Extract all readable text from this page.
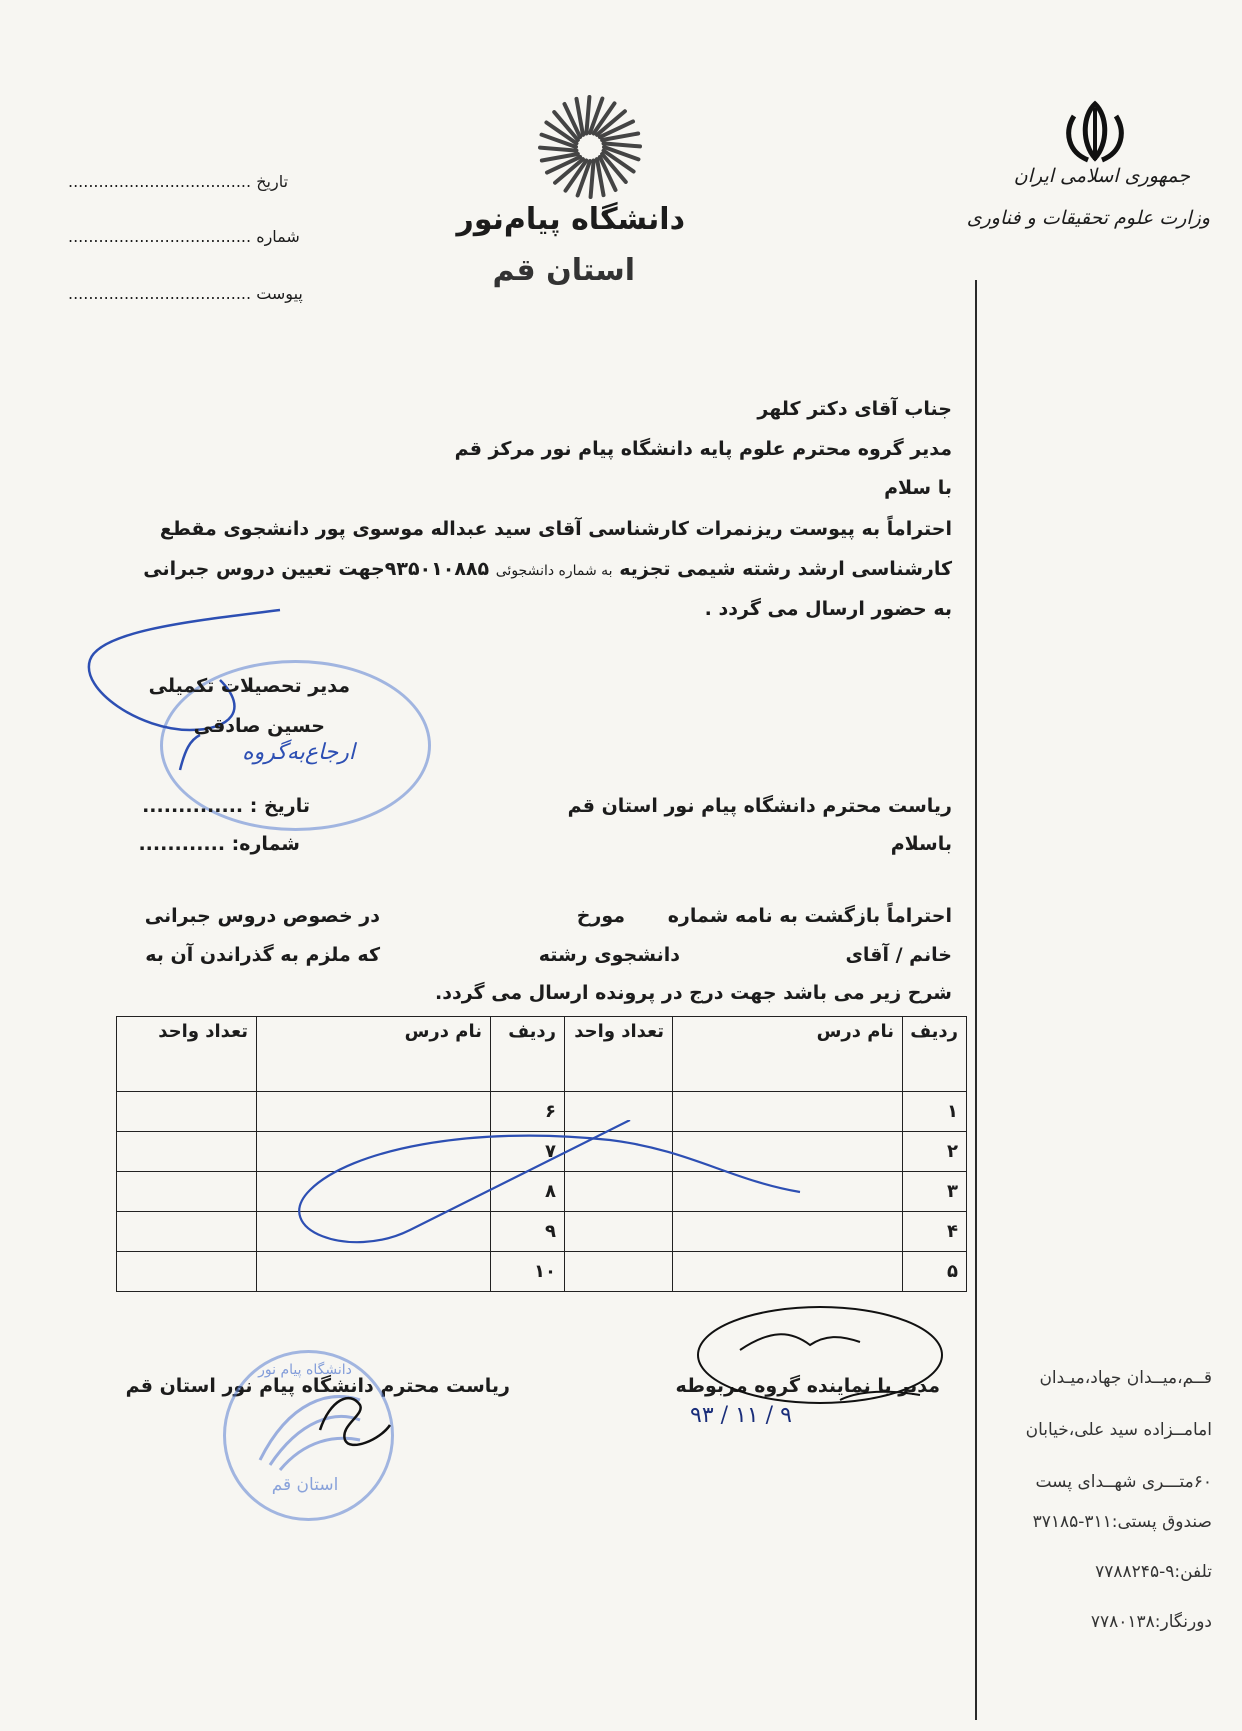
جمهوری اسلامی ایران
وزارت علوم تحقیقات و فناوری
دانشگاه پیام‌نور
استان قم
.................................... تاریخ
.................................... شماره
.................................... پیوست
جناب آقای دکتر کلهر
مدیر گروه محترم علوم پایه دانشگاه پیام نور مرکز قم
با سلام
احتراماً به پیوست ریزنمرات کارشناسی آقای سید عبداله موسوی پور دانشجوی مقطع
کارشناسی ارشد رشته شیمی تجزیه به شماره دانشجوئی ۹۳۵۰۱۰۸۸۵جهت تعیین دروس جبرانی
به حضور ارسال می گردد .
مدیر تحصیلات تکمیلی
حسین صادقی
ارجاع‌به‌گروه
تاریخ : ..............
شماره: ............
ریاست محترم دانشگاه پیام نور استان قم
باسلام
احتراماً بازگشت به نامه شماره
مورخ
در خصوص دروس جبرانی
خانم / آقای
دانشجوی رشته
که ملزم به گذراندن آن به
شرح زیر می باشد جهت درج در پرونده ارسال می گردد.
ردیف	نام درس	تعداد واحد	ردیف	نام درس	تعداد واحد
۱			۶		
۲			۷		
۳			۸		
۴			۹		
۵			۱۰		
ریاست محترم دانشگاه پیام نور استان قم	مدیر یا نماینده گروه مربوطه
۹۳ / ۱۱ / ۹
دانشگاه پیام نور
استان قم
قــم،میــدان جهاد،میـدان
امامــزاده سید علی،خیابان
۶۰متـــری شهــدای پست
صندوق پستی:۳۱۱-۳۷۱۸۵
تلفن:۹-۷۷۸۸۲۴۵
دورنگار:۷۷۸۰۱۳۸
